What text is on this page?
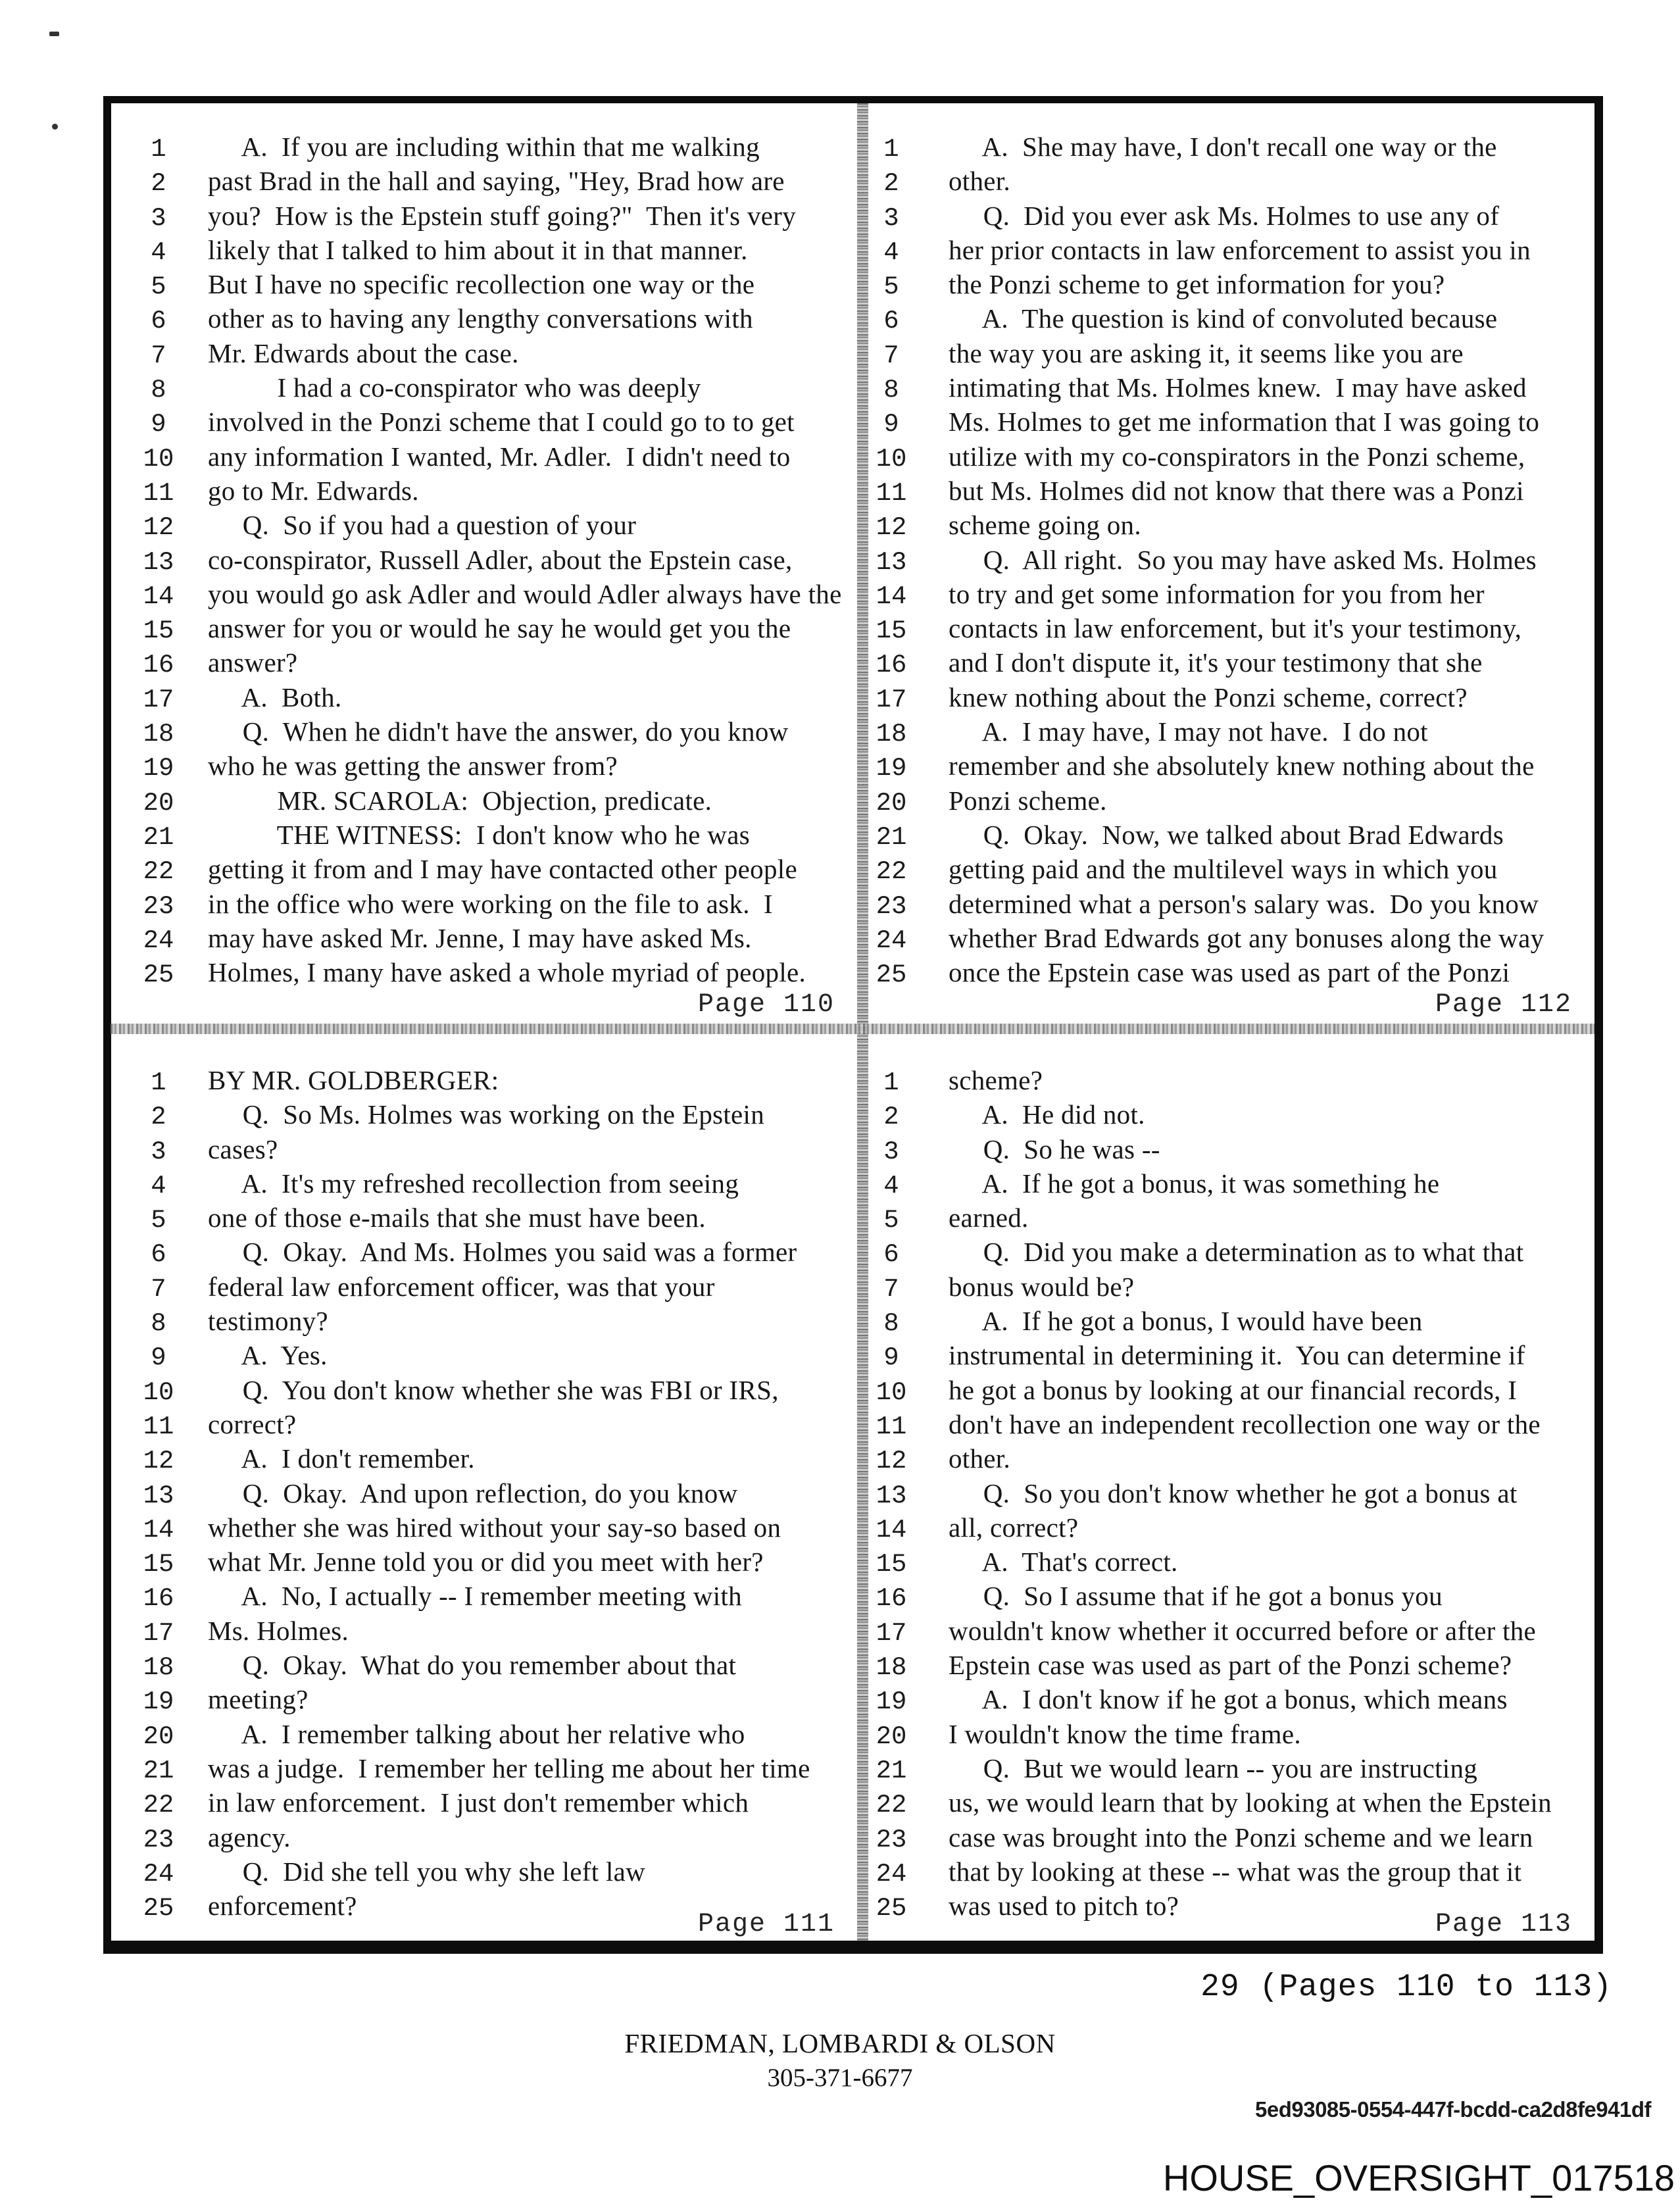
1	A.  If you are including within that me walking
2	past Brad in the hall and saying, "Hey, Brad how are
3	you?  How is the Epstein stuff going?"  Then it's very
4	likely that I talked to him about it in that manner.
5	But I have no specific recollection one way or the
6	other as to having any lengthy conversations with
7	Mr. Edwards about the case.
8	I had a co-conspirator who was deeply
9	involved in the Ponzi scheme that I could go to to get
10 any information I wanted, Mr. Adler.  I didn't need to
11 go to Mr. Edwards.
12 Q.  So if you had a question of your
13 co-conspirator, Russell Adler, about the Epstein case,
14 you would go ask Adler and would Adler always have the
15 answer for you or would he say he would get you the
16 answer?
17 A.  Both.
18 Q.  When he didn't have the answer, do you know
19 who he was getting the answer from?
20 MR. SCAROLA:  Objection, predicate.
21 THE WITNESS:  I don't know who he was
22 getting it from and I may have contacted other people
23 in the office who were working on the file to ask.  I
24 may have asked Mr. Jenne, I may have asked Ms.
25 Holmes, I many have asked a whole myriad of people.
Page 110
1	A.  She may have, I don't recall one way or the
2	other.
3	Q.  Did you ever ask Ms. Holmes to use any of
4	her prior contacts in law enforcement to assist you in
5	the Ponzi scheme to get information for you?
6	A.  The question is kind of convoluted because
7	the way you are asking it, it seems like you are
8	intimating that Ms. Holmes knew.  I may have asked
9	Ms. Holmes to get me information that I was going to
10 utilize with my co-conspirators in the Ponzi scheme,
11 but Ms. Holmes did not know that there was a Ponzi
12 scheme going on.
13 Q.  All right.  So you may have asked Ms. Holmes
14 to try and get some information for you from her
15 contacts in law enforcement, but it's your testimony,
16 and I don't dispute it, it's your testimony that she
17 knew nothing about the Ponzi scheme, correct?
18 A.  I may have, I may not have.  I do not
19 remember and she absolutely knew nothing about the
20 Ponzi scheme.
21 Q.  Okay.  Now, we talked about Brad Edwards
22 getting paid and the multilevel ways in which you
23 determined what a person's salary was.  Do you know
24 whether Brad Edwards got any bonuses along the way
25 once the Epstein case was used as part of the Ponzi
Page 112
1	BY MR. GOLDBERGER:
2	Q.  So Ms. Holmes was working on the Epstein
3	cases?
4	A.  It's my refreshed recollection from seeing
5	one of those e-mails that she must have been.
6	Q.  Okay.  And Ms. Holmes you said was a former
7	federal law enforcement officer, was that your
8	testimony?
9	A.  Yes.
10 Q.  You don't know whether she was FBI or IRS,
11 correct?
12 A.  I don't remember.
13 Q.  Okay.  And upon reflection, do you know
14 whether she was hired without your say-so based on
15 what Mr. Jenne told you or did you meet with her?
16 A.  No, I actually -- I remember meeting with
17 Ms. Holmes.
18 Q.  Okay.  What do you remember about that
19 meeting?
20 A.  I remember talking about her relative who
21 was a judge.  I remember her telling me about her time
22 in law enforcement.  I just don't remember which
23 agency.
24 Q.  Did she tell you why she left law
25 enforcement?
Page 111
1	scheme?
2	A.  He did not.
3	Q.  So he was --
4	A.  If he got a bonus, it was something he
5	earned.
6	Q.  Did you make a determination as to what that
7	bonus would be?
8	A.  If he got a bonus, I would have been
9	instrumental in determining it.  You can determine if
10 he got a bonus by looking at our financial records, I
11 don't have an independent recollection one way or the
12 other.
13 Q.  So you don't know whether he got a bonus at
14 all, correct?
15 A.  That's correct.
16 Q.  So I assume that if he got a bonus you
17 wouldn't know whether it occurred before or after the
18 Epstein case was used as part of the Ponzi scheme?
19 A.  I don't know if he got a bonus, which means
20 I wouldn't know the time frame.
21 Q.  But we would learn -- you are instructing
22 us, we would learn that by looking at when the Epstein
23 case was brought into the Ponzi scheme and we learn
24 that by looking at these -- what was the group that it
25 was used to pitch to?
Page 113
29 (Pages 110 to 113)
FRIEDMAN, LOMBARDI & OLSON
305-371-6677
5ed93085-0554-447f-bcdd-ca2d8fe941df
HOUSE_OVERSIGHT_017518
